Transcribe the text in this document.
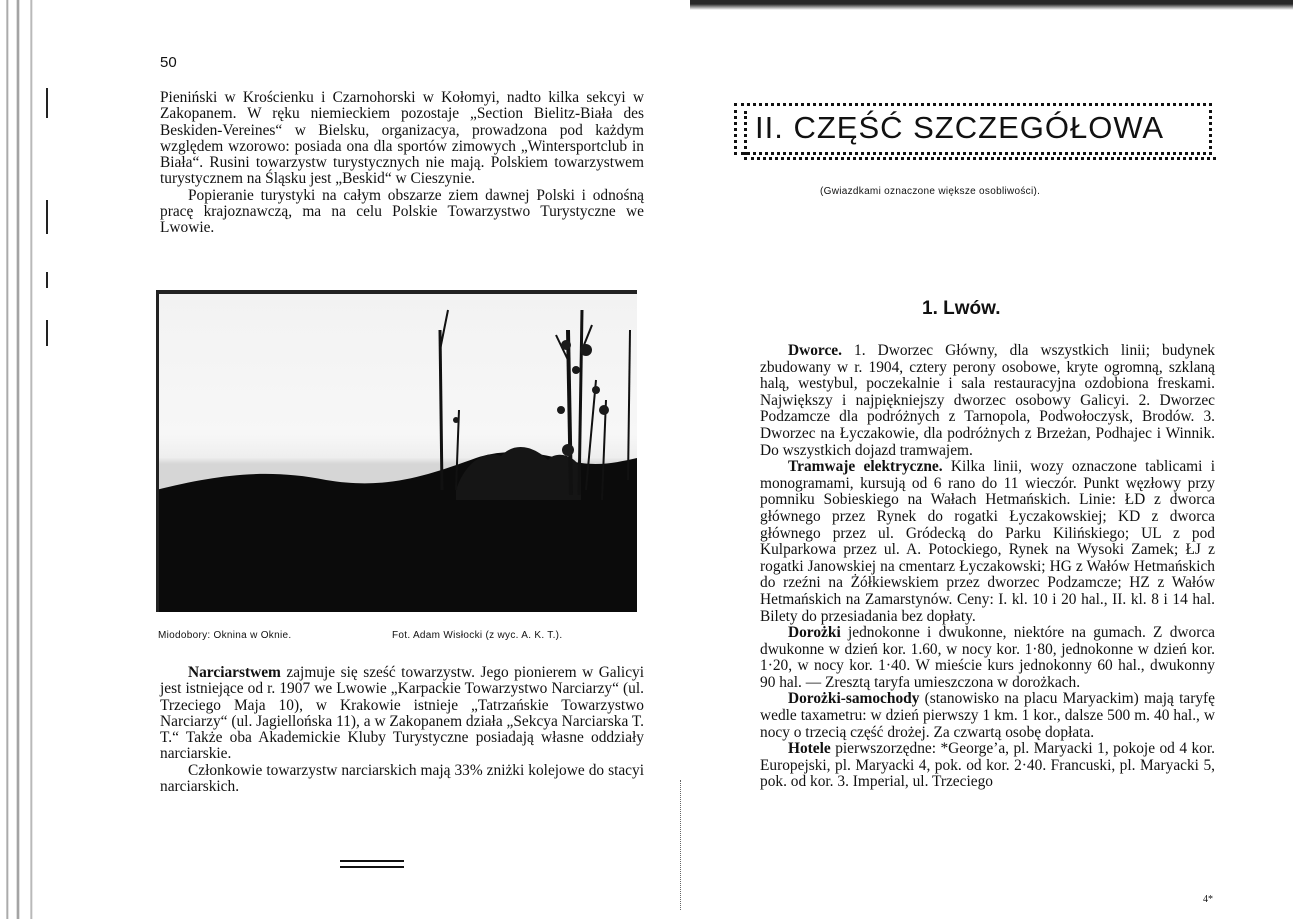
50

Pieniński w Krościenku i Czarnohorski w Kołomyi, nadto kilka sekcyi w Zakopanem. W ręku niemieckiem pozostaje „Section Bielitz-Biała des Beskiden-Vereines“ w Bielsku, organizacya, prowadzona pod każdym względem wzorowo: posiada ona dla sportów zimowych „Wintersportclub in Biała“. Rusini towarzystw turystycznych nie mają. Polskiem towarzystwem turystycznem na Śląsku jest „Beskid“ w Cieszynie.

Popieranie turystyki na całym obszarze ziem dawnej Polski i odnośną pracę krajoznawczą, ma na celu Polskie Towarzystwo Turystyczne we Lwowie.

Miodobory: Oknina w Oknie.	Fot. Adam Wisłocki (z wyc. A. K. T.).

Narciarstwem zajmuje się sześć towarzystw. Jego pionierem w Galicyi jest istniejące od r. 1907 we Lwowie „Karpackie Towarzystwo Narciarzy“ (ul. Trzeciego Maja 10), w Krakowie istnieje „Tatrzańskie Towarzystwo Narciarzy“ (ul. Jagiellońska 11), a w Zakopanem działa „Sekcya Narciarska T. T.“ Także oba Akademickie Kluby Turystyczne posiadają własne oddziały narciarskie.

Członkowie towarzystw narciarskich mają 33% zniżki kolejowe do stacyi narciarskich.

II. CZĘŚĆ SZCZEGÓŁOWA
(Gwiazdkami oznaczone większe osobliwości).
1. Lwów.

Dworce. 1. Dworzec Główny, dla wszystkich linii; budynek zbudowany w r. 1904, cztery perony osobowe, kryte ogromną, szklaną halą, westybul, poczekalnie i sala restauracyjna ozdobiona freskami. Największy i najpiękniejszy dworzec osobowy Galicyi. 2. Dworzec Podzamcze dla podróżnych z Tarnopola, Podwołoczysk, Brodów. 3. Dworzec na Łyczakowie, dla podróżnych z Brzeżan, Podhajec i Winnik. Do wszystkich dojazd tramwajem.

Tramwaje elektryczne. Kilka linii, wozy oznaczone tablicami i monogramami, kursują od 6 rano do 11 wieczór. Punkt węzłowy przy pomniku Sobieskiego na Wałach Hetmańskich. Linie: ŁD z dworca głównego przez Rynek do rogatki Łyczakowskiej; KD z dworca głównego przez ul. Gródecką do Parku Kilińskiego; UL z pod Kulparkowa przez ul. A. Potockiego, Rynek na Wysoki Zamek; ŁJ z rogatki Janowskiej na cmentarz Łyczakowski; HG z Wałów Hetmańskich do rzeźni na Żółkiewskiem przez dworzec Podzamcze; HZ z Wałów Hetmańskich na Zamarstynów. Ceny: I. kl. 10 i 20 hal., II. kl. 8 i 14 hal. Bilety do przesiadania bez dopłaty.

Dorożki jednokonne i dwukonne, niektóre na gumach. Z dworca dwukonne w dzień kor. 1.60, w nocy kor. 1·80, jednokonne w dzień kor. 1·20, w nocy kor. 1·40. W mieście kurs jednokonny 60 hal., dwukonny 90 hal. — Zresztą taryfa umieszczona w dorożkach.

Dorożki-samochody (stanowisko na placu Maryackim) mają taryfę wedle taxametru: w dzień pierwszy 1 km. 1 kor., dalsze 500 m. 40 hal., w nocy o trzecią część drożej. Za czwartą osobę dopłata.

Hotele pierwszorzędne: *George’a, pl. Maryacki 1, pokoje od 4 kor. Europejski, pl. Maryacki 4, pok. od kor. 2·40. Francuski, pl. Maryacki 5, pok. od kor. 3. Imperial, ul. Trzeciego

4*
